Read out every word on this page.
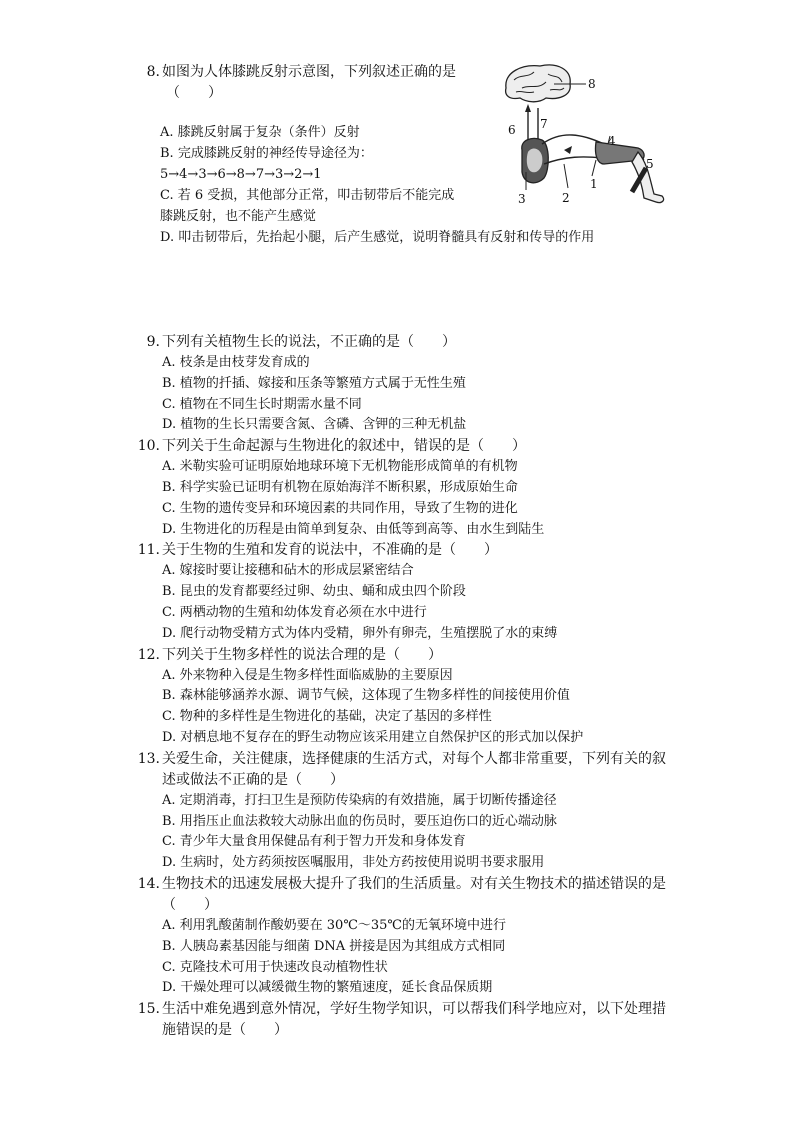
8. 如图为人体膝跳反射示意图，下列叙述正确的是
（　　）
A. 膝跳反射属于复杂（条件）反射
B. 完成膝跳反射的神经传导途径为：
5→4→3→6→8→7→3→2→1
C. 若 6 受损，其他部分正常，叩击韧带后不能完成
膝跳反射，也不能产生感觉
D. 叩击韧带后，先抬起小腿，后产生感觉，说明脊髓具有反射和传导的作用
8
7
6
4
5
1
3	2
9. 下列有关植物生长的说法，不正确的是（　　）
A. 枝条是由枝芽发育成的
B. 植物的扦插、嫁接和压条等繁殖方式属于无性生殖
C. 植物在不同生长时期需水量不同
D. 植物的生长只需要含氮、含磷、含钾的三种无机盐
10. 下列关于生命起源与生物进化的叙述中，错误的是（　　）
A. 米勒实验可证明原始地球环境下无机物能形成简单的有机物
B. 科学实验已证明有机物在原始海洋不断积累，形成原始生命
C. 生物的遗传变异和环境因素的共同作用，导致了生物的进化
D. 生物进化的历程是由简单到复杂、由低等到高等、由水生到陆生
11. 关于生物的生殖和发育的说法中，不准确的是（　　）
A. 嫁接时要让接穗和砧木的形成层紧密结合
B. 昆虫的发育都要经过卵、幼虫、蛹和成虫四个阶段
C. 两栖动物的生殖和幼体发育必须在水中进行
D. 爬行动物受精方式为体内受精，卵外有卵壳，生殖摆脱了水的束缚
12. 下列关于生物多样性的说法合理的是（　　）
A. 外来物种入侵是生物多样性面临威胁的主要原因
B. 森林能够涵养水源、调节气候，这体现了生物多样性的间接使用价值
C. 物种的多样性是生物进化的基础，决定了基因的多样性
D. 对栖息地不复存在的野生动物应该采用建立自然保护区的形式加以保护
13. 关爱生命，关注健康，选择健康的生活方式，对每个人都非常重要，下列有关的叙
述或做法不正确的是（　　）
A. 定期消毒，打扫卫生是预防传染病的有效措施，属于切断传播途径
B. 用指压止血法救较大动脉出血的伤员时，要压迫伤口的近心端动脉
C. 青少年大量食用保健品有利于智力开发和身体发育
D. 生病时，处方药须按医嘱服用，非处方药按使用说明书要求服用
14. 生物技术的迅速发展极大提升了我们的生活质量。对有关生物技术的描述错误的是
（　　）
A. 利用乳酸菌制作酸奶要在 30℃～35℃的无氧环境中进行
B. 人胰岛素基因能与细菌 DNA 拼接是因为其组成方式相同
C. 克隆技术可用于快速改良动植物性状
D. 干燥处理可以减缓微生物的繁殖速度，延长食品保质期
15. 生活中难免遇到意外情况，学好生物学知识，可以帮我们科学地应对，以下处理措
施错误的是（　　）
